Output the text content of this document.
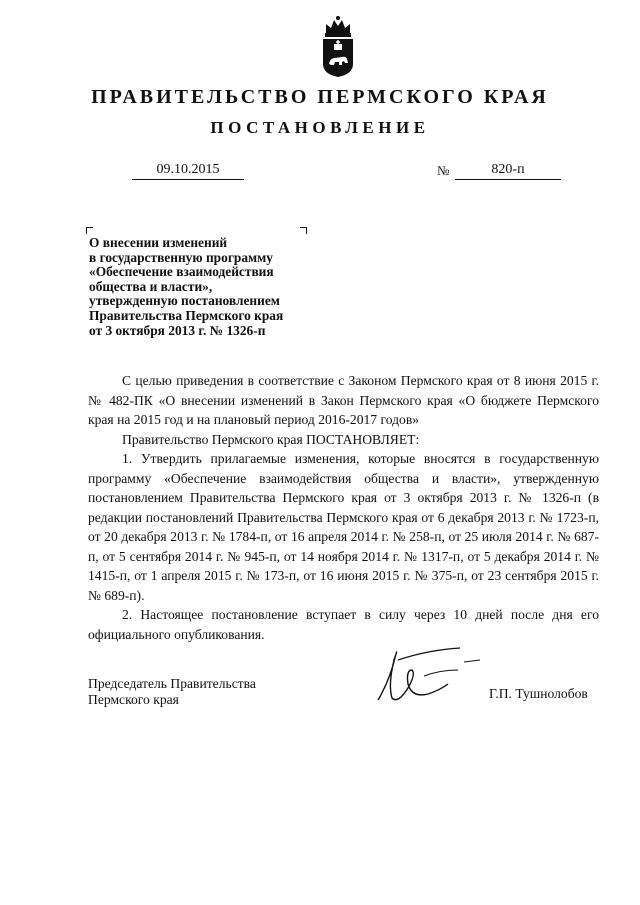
ПРАВИТЕЛЬСТВО ПЕРМСКОГО КРАЯ
ПОСТАНОВЛЕНИЕ
09.10.2015	№	820-п
О внесении изменений
в государственную программу
«Обеспечение взаимодействия
общества и власти»,
утвержденную постановлением
Правительства Пермского края
от 3 октября 2013 г. № 1326-п

С целью приведения в соответствие с Законом Пермского края от 8 июня 2015 г. № 482-ПК «О внесении изменений в Закон Пермского края «О бюджете Пермского края на 2015 год и на плановый период 2016-2017 годов»

Правительство Пермского края ПОСТАНОВЛЯЕТ:

1. Утвердить прилагаемые изменения, которые вносятся в государственную программу «Обеспечение взаимодействия общества и власти», утвержденную постановлением Правительства Пермского края от 3 октября 2013 г. № 1326-п (в редакции постановлений Правительства Пермского края от 6 декабря 2013 г. № 1723-п, от 20 декабря 2013 г. № 1784-п, от 16 апреля 2014 г. № 258-п, от 25 июля 2014 г. № 687-п, от 5 сентября 2014 г. № 945-п, от 14 ноября 2014 г. № 1317-п, от 5 декабря 2014 г. № 1415-п, от 1 апреля 2015 г. № 173-п, от 16 июня 2015 г. № 375-п, от 23 сентября 2015 г. № 689-п).

2. Настоящее постановление вступает в силу через 10 дней после дня его официального опубликования.

Председатель Правительства
Пермского края	Г.П. Тушнолобов
